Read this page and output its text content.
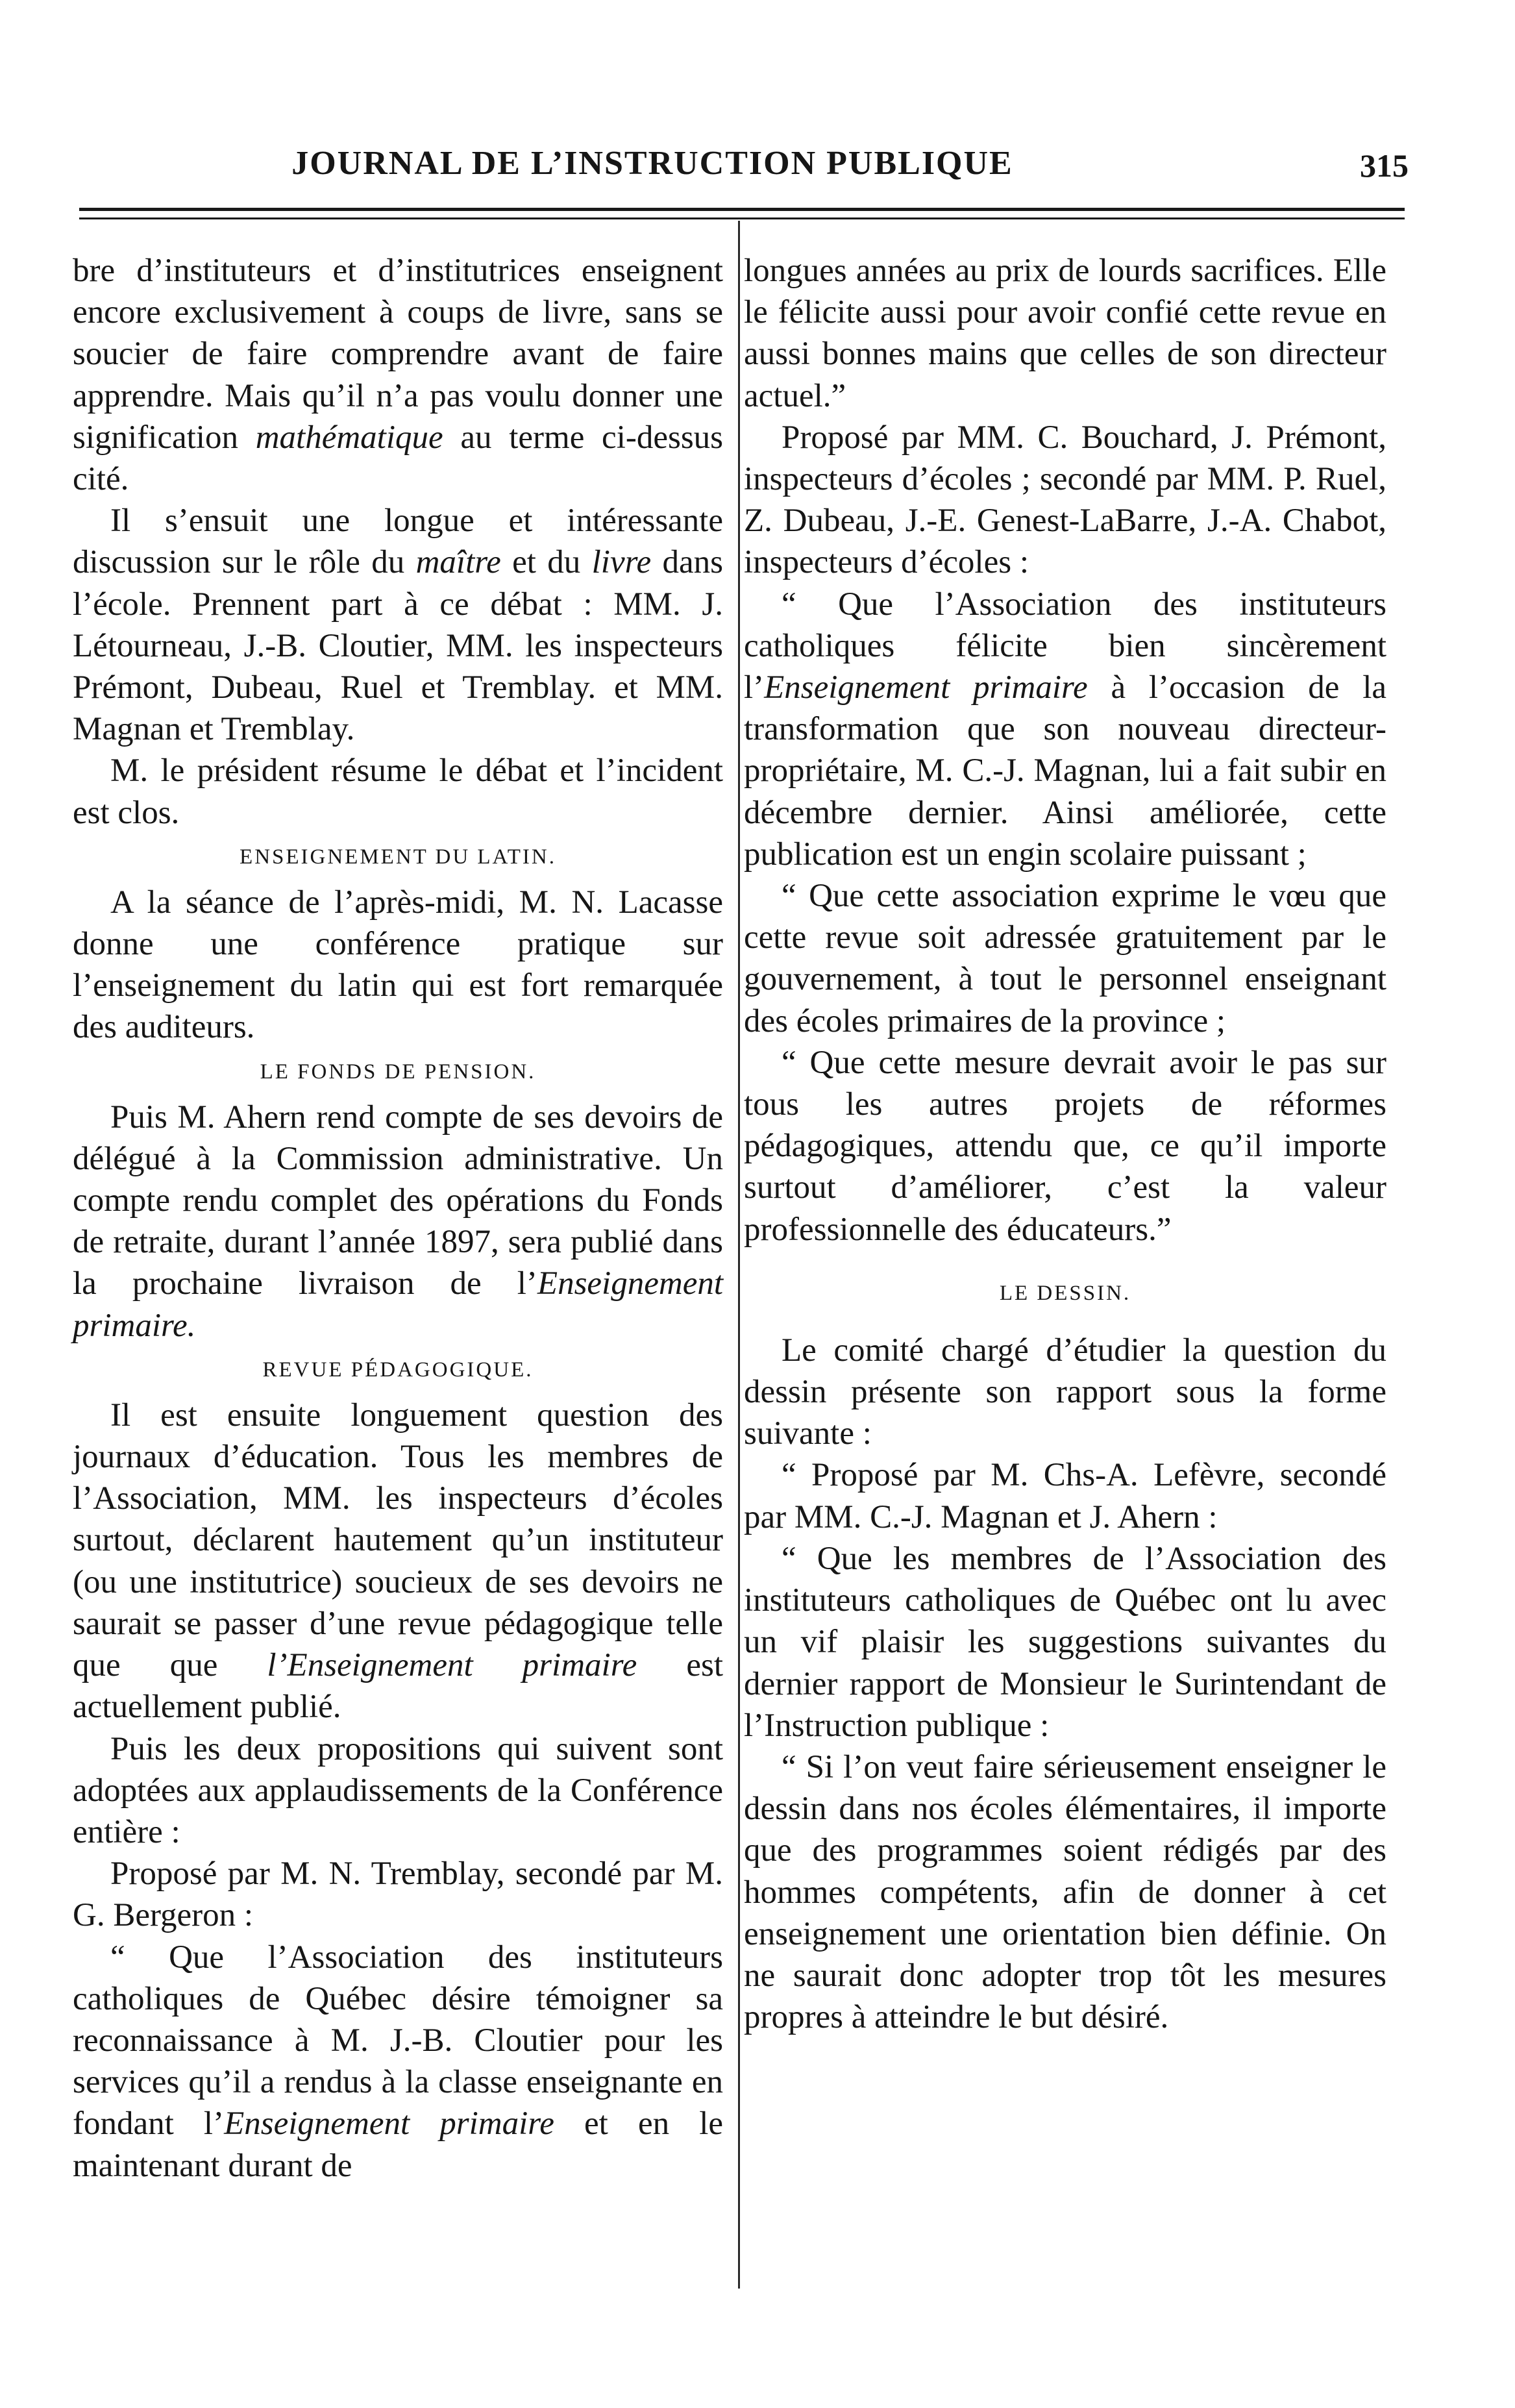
JOURNAL DE L’INSTRUCTION PUBLIQUE	315

bre d’instituteurs et d’institutrices enseignent encore exclusivement à coups de livre, sans se soucier de faire comprendre avant de faire apprendre. Mais qu’il n’a pas voulu donner une signification mathématique au terme ci-dessus cité.

Il s’ensuit une longue et intéressante discussion sur le rôle du maître et du livre dans l’école. Prennent part à ce débat : MM. J. Létourneau, J.-B. Cloutier, MM. les inspecteurs Prémont, Dubeau, Ruel et Tremblay. et MM. Magnan et Tremblay.

M. le président résume le débat et l’incident est clos.

ENSEIGNEMENT DU LATIN.

A la séance de l’après-midi, M. N. Lacasse donne une conférence pratique sur l’enseignement du latin qui est fort remarquée des auditeurs.

LE FONDS DE PENSION.

Puis M. Ahern rend compte de ses devoirs de délégué à la Commission administrative. Un compte rendu complet des opérations du Fonds de retraite, durant l’année 1897, sera publié dans la prochaine livraison de l’Enseignement primaire.

REVUE PÉDAGOGIQUE.

Il est ensuite longuement question des journaux d’éducation. Tous les membres de l’Association, MM. les inspecteurs d’écoles surtout, déclarent hautement qu’un instituteur (ou une institutrice) soucieux de ses devoirs ne saurait se passer d’une revue pédagogique telle que que l’Enseignement primaire est actuellement publié.

Puis les deux propositions qui suivent sont adoptées aux applaudissements de la Conférence entière :

Proposé par M. N. Tremblay, secondé par M. G. Bergeron :

“ Que l’Association des instituteurs catholiques de Québec désire témoigner sa reconnaissance à M. J.-B. Cloutier pour les services qu’il a rendus à la classe enseignante en fondant l’Enseignement primaire et en le maintenant durant de

longues années au prix de lourds sacrifices. Elle le félicite aussi pour avoir confié cette revue en aussi bonnes mains que celles de son directeur actuel.”

Proposé par MM. C. Bouchard, J. Prémont, inspecteurs d’écoles ; secondé par MM. P. Ruel, Z. Dubeau, J.-E. Genest-LaBarre, J.-A. Chabot, inspecteurs d’écoles :

“ Que l’Association des instituteurs catholiques félicite bien sincèrement l’Enseignement primaire à l’occasion de la transformation que son nouveau directeur-propriétaire, M. C.-J. Magnan, lui a fait subir en décembre dernier. Ainsi améliorée, cette publication est un engin scolaire puissant ;

“ Que cette association exprime le vœu que cette revue soit adressée gratuitement par le gouvernement, à tout le personnel enseignant des écoles primaires de la province ;

“ Que cette mesure devrait avoir le pas sur tous les autres projets de réformes pédagogiques, attendu que, ce qu’il importe surtout d’améliorer, c’est la valeur professionnelle des éducateurs.”

LE DESSIN.

Le comité chargé d’étudier la question du dessin présente son rapport sous la forme suivante :

“ Proposé par M. Chs-A. Lefèvre, secondé par MM. C.-J. Magnan et J. Ahern :

“ Que les membres de l’Association des instituteurs catholiques de Québec ont lu avec un vif plaisir les suggestions suivantes du dernier rapport de Monsieur le Surintendant de l’Instruction publique :

“ Si l’on veut faire sérieusement enseigner le dessin dans nos écoles élémentaires, il importe que des programmes soient rédigés par des hommes compétents, afin de donner à cet enseignement une orientation bien définie. On ne saurait donc adopter trop tôt les mesures propres à atteindre le but désiré.
